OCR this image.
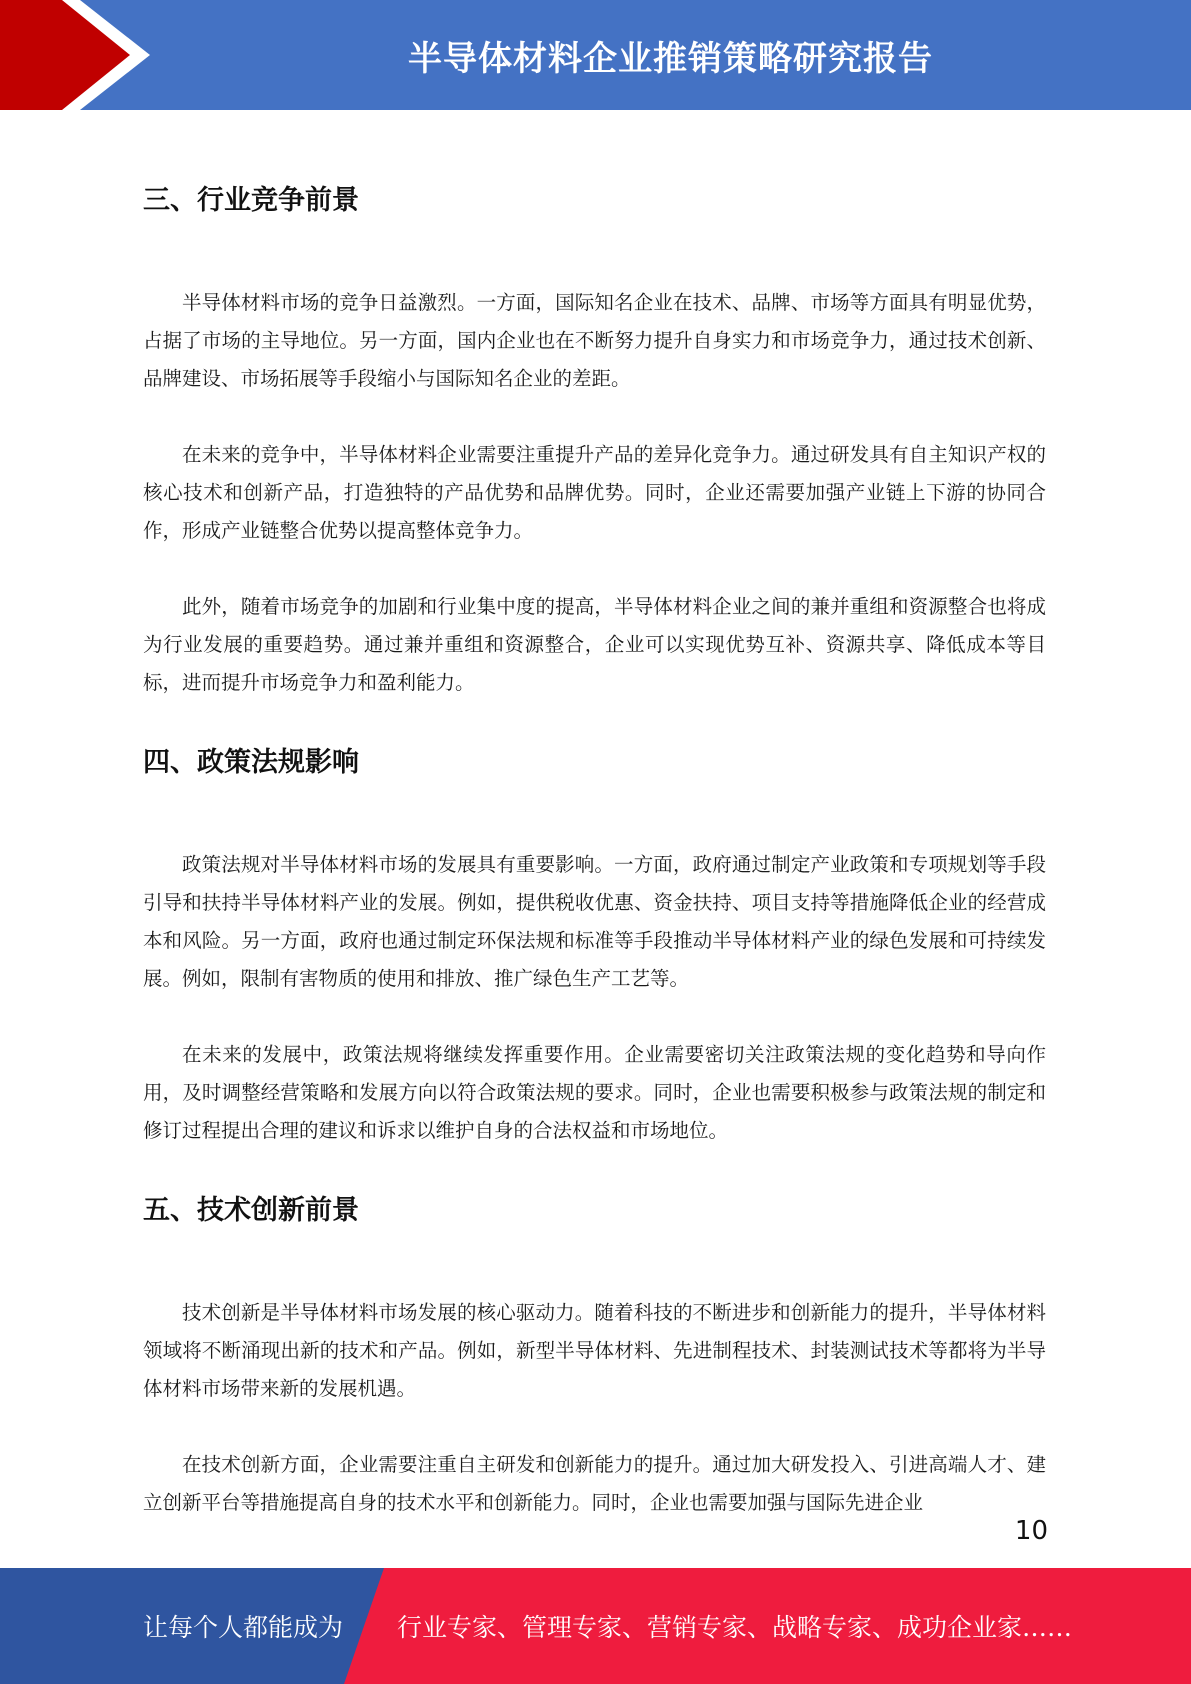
半导体材料企业推销策略研究报告
三、行业竞争前景

半导体材料市场的竞争日益激烈。一方面，国际知名企业在技术、品牌、市场等方面具有明显优势，占据了市场的主导地位。另一方面，国内企业也在不断努力提升自身实力和市场竞争力，通过技术创新、品牌建设、市场拓展等手段缩小与国际知名企业的差距。

在未来的竞争中，半导体材料企业需要注重提升产品的差异化竞争力。通过研发具有自主知识产权的核心技术和创新产品，打造独特的产品优势和品牌优势。同时，企业还需要加强产业链上下游的协同合作，形成产业链整合优势以提高整体竞争力。

此外，随着市场竞争的加剧和行业集中度的提高，半导体材料企业之间的兼并重组和资源整合也将成为行业发展的重要趋势。通过兼并重组和资源整合，企业可以实现优势互补、资源共享、降低成本等目标，进而提升市场竞争力和盈利能力。

四、政策法规影响

政策法规对半导体材料市场的发展具有重要影响。一方面，政府通过制定产业政策和专项规划等手段引导和扶持半导体材料产业的发展。例如，提供税收优惠、资金扶持、项目支持等措施降低企业的经营成本和风险。另一方面，政府也通过制定环保法规和标准等手段推动半导体材料产业的绿色发展和可持续发展。例如，限制有害物质的使用和排放、推广绿色生产工艺等。

在未来的发展中，政策法规将继续发挥重要作用。企业需要密切关注政策法规的变化趋势和导向作用，及时调整经营策略和发展方向以符合政策法规的要求。同时，企业也需要积极参与政策法规的制定和修订过程提出合理的建议和诉求以维护自身的合法权益和市场地位。

五、技术创新前景

技术创新是半导体材料市场发展的核心驱动力。随着科技的不断进步和创新能力的提升，半导体材料领域将不断涌现出新的技术和产品。例如，新型半导体材料、先进制程技术、封装测试技术等都将为半导体材料市场带来新的发展机遇。

在技术创新方面，企业需要注重自主研发和创新能力的提升。通过加大研发投入、引进高端人才、建立创新平台等措施提高自身的技术水平和创新能力。同时，企业也需要加强与国际先进企业

10
让每个人都能成为 行业专家、管理专家、营销专家、战略专家、成功企业家……
